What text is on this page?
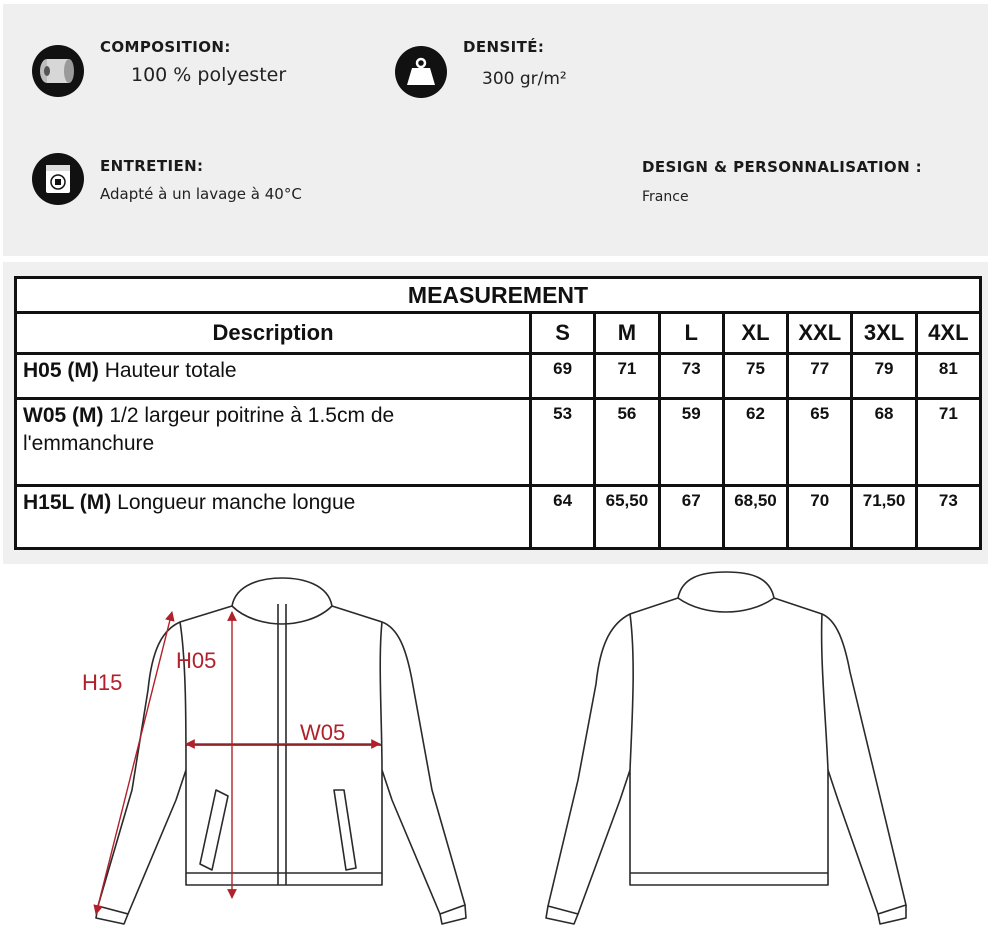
COMPOSITION:
100 % polyester
DENSITÉ:
300 gr/m²
ENTRETIEN:
Adapté à un lavage à 40°C
DESIGN & PERSONNALISATION :
France
MEASUREMENT							
Description	S	M	L	XL	XXL	3XL	4XL
H05 (M) Hauteur totale	69	71	73	75	77	79	81
W05 (M) 1/2 largeur poitrine à 1.5cm de l'emmanchure	53	56	59	62	65	68	71
H15L (M) Longueur manche longue	64	65,50	67	68,50	70	71,50	73
H15
H05
W05
